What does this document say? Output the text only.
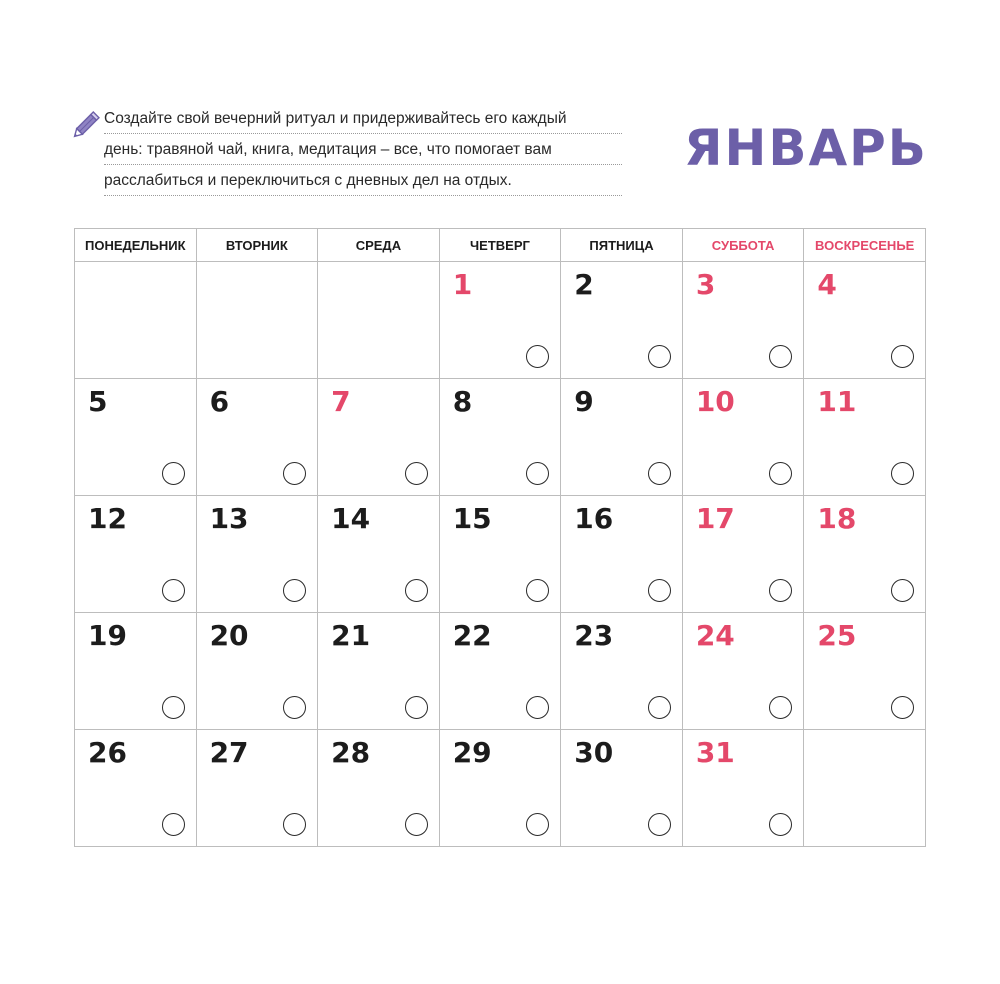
Создайте свой вечерний ритуал и придерживайтесь его каждый
день: травяной чай, книга, медитация – все, что помогает вам
расслабиться и переключиться с дневных дел на отдых.
ЯНВАРЬ
ПОНЕДЕЛЬНИК	ВТОРНИК	СРЕДА	ЧЕТВЕРГ	ПЯТНИЦА	СУББОТА	ВОСКРЕСЕНЬЕ

			1	2	3	4

5	6	7	8	9	10	11

12	13	14	15	16	17	18

19	20	21	22	23	24	25

26	27	28	29	30	31	
